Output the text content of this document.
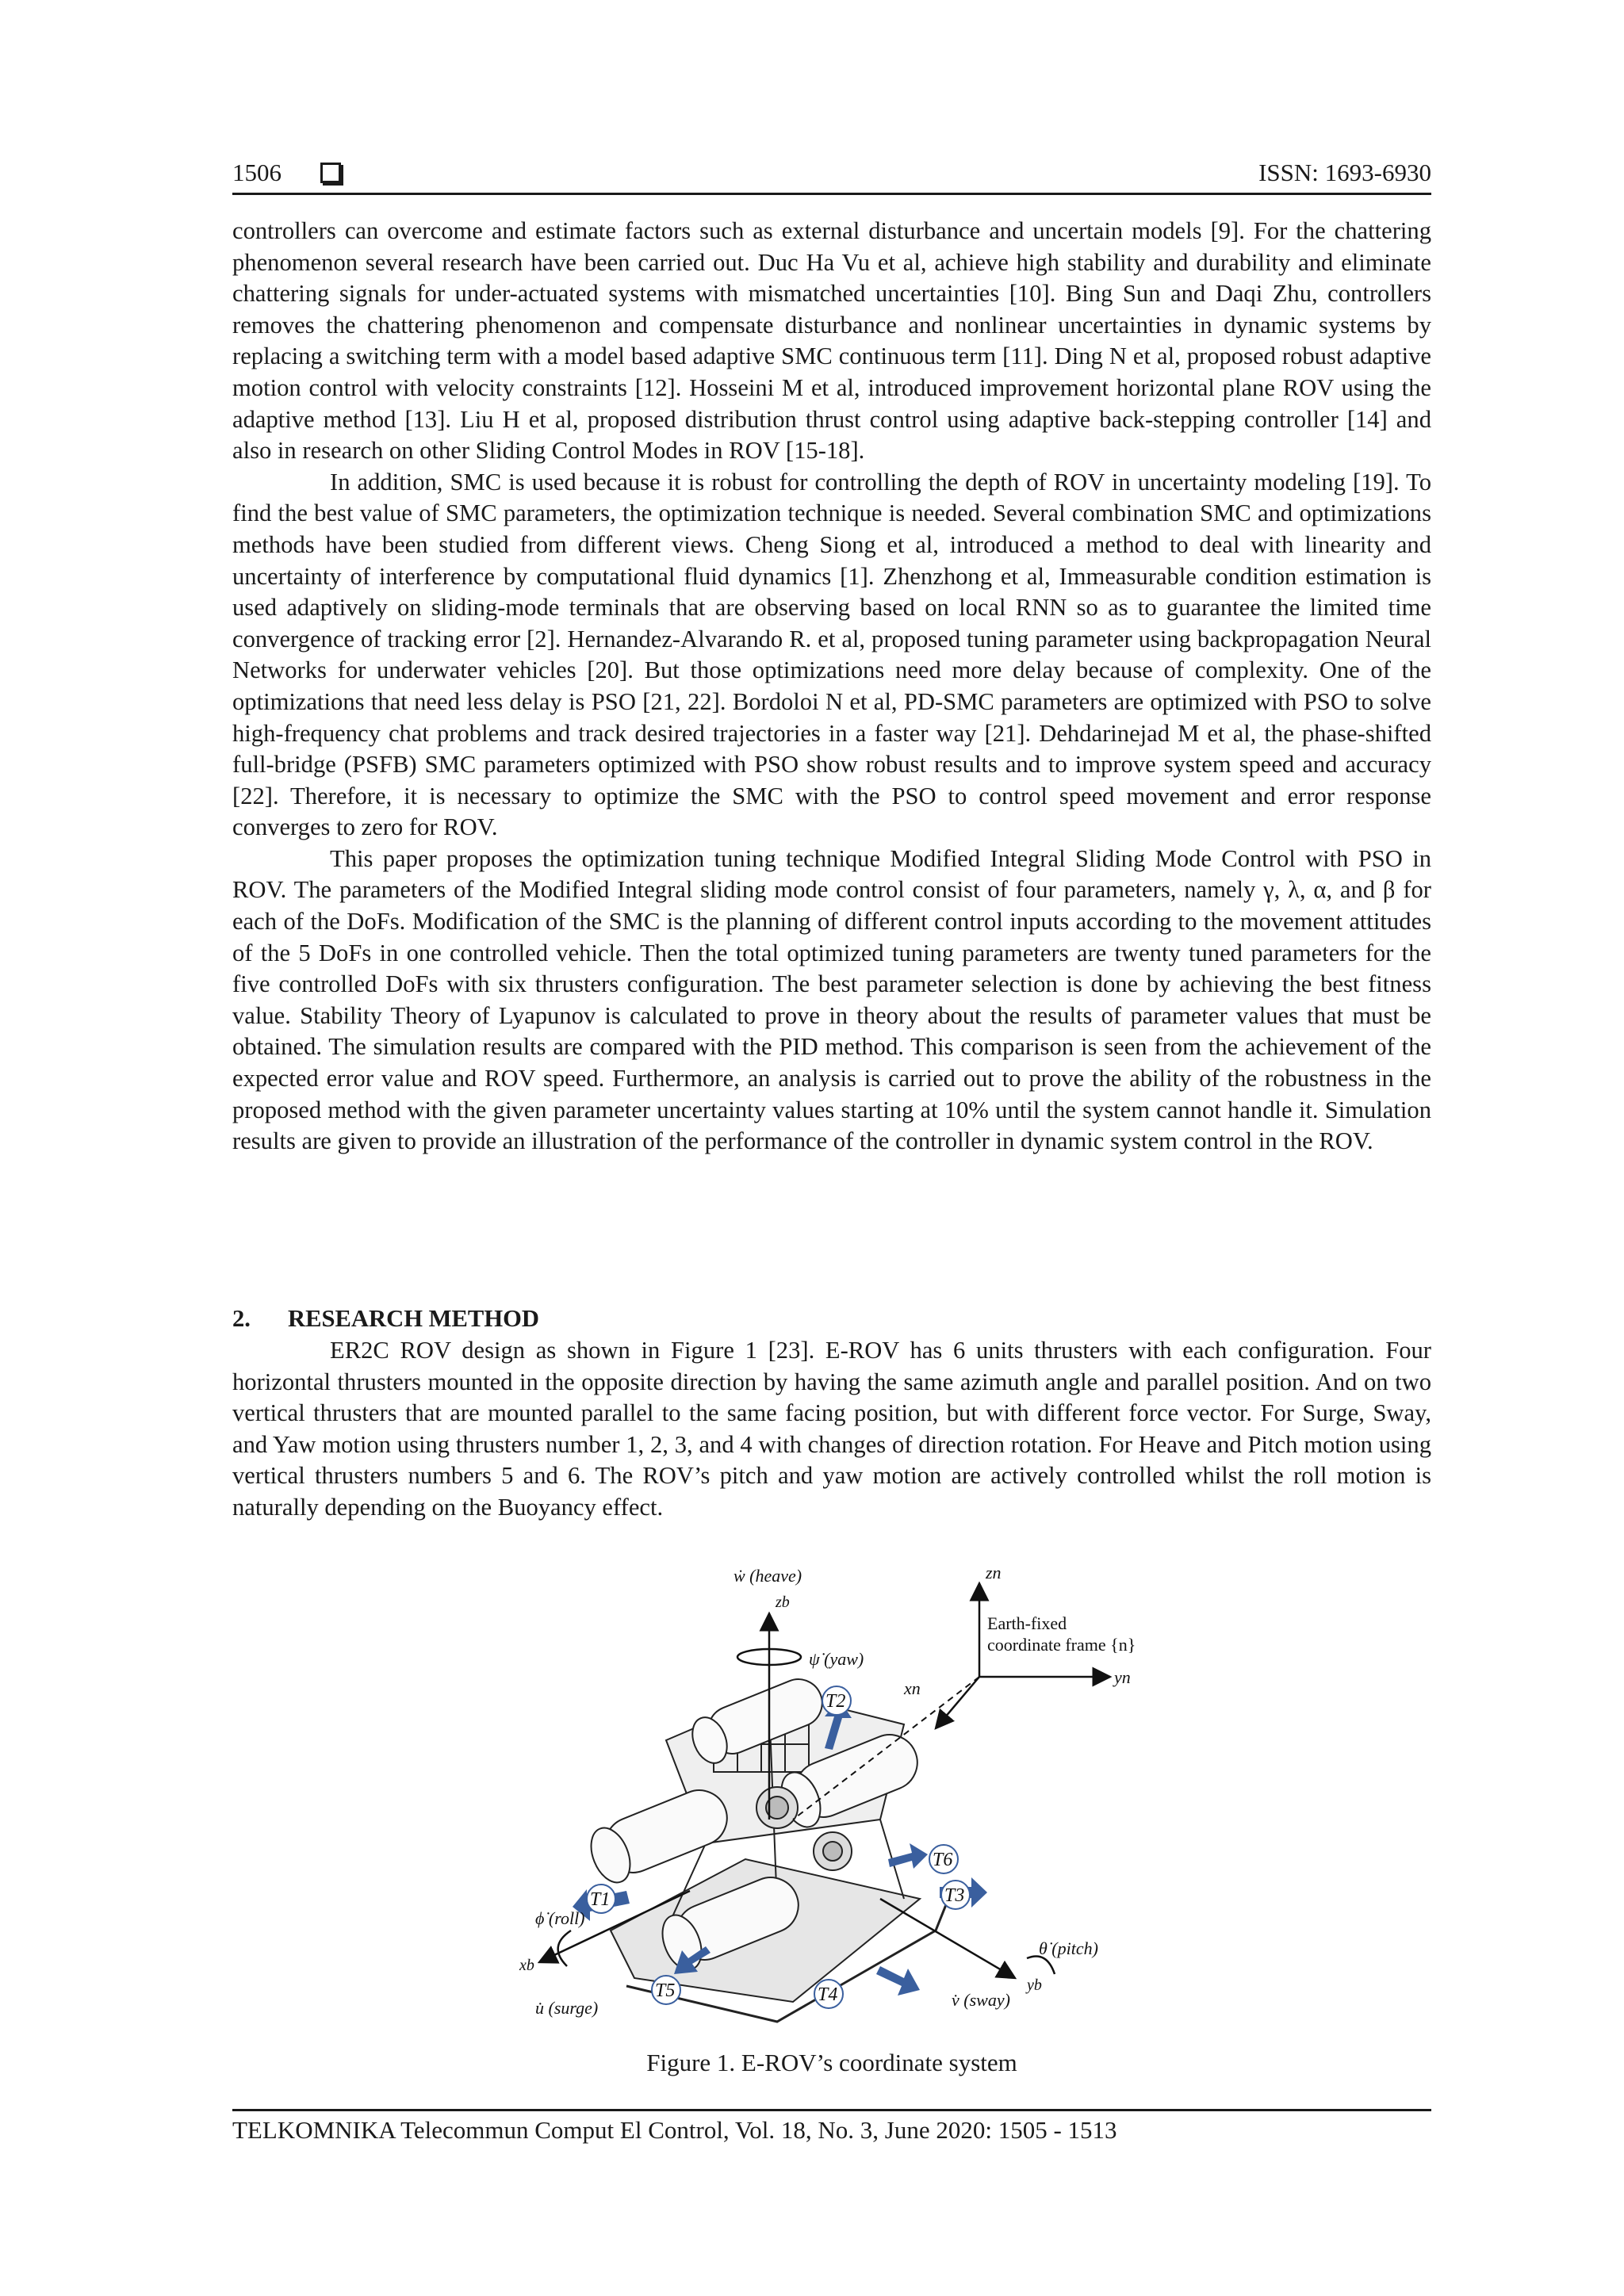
1506	ISSN: 1693-6930

controllers can overcome and estimate factors such as external disturbance and uncertain models [9]. For the chattering phenomenon several research have been carried out. Duc Ha Vu et al, achieve high stability and durability and eliminate chattering signals for under-actuated systems with mismatched uncertainties [10]. Bing Sun and Daqi Zhu, controllers removes the chattering phenomenon and compensate disturbance and nonlinear uncertainties in dynamic systems by replacing a switching term with a model based adaptive SMC continuous term [11]. Ding N et al, proposed robust adaptive motion control with velocity constraints [12]. Hosseini M et al, introduced improvement horizontal plane ROV using the adaptive method [13]. Liu H et al, proposed distribution thrust control using adaptive back-stepping controller [14] and also in research on other Sliding Control Modes in ROV [15-18].

In addition, SMC is used because it is robust for controlling the depth of ROV in uncertainty modeling [19]. To find the best value of SMC parameters, the optimization technique is needed. Several combination SMC and optimizations methods have been studied from different views. Cheng Siong et al, introduced a method to deal with linearity and uncertainty of interference by computational fluid dynamics [1]. Zhenzhong et al, Immeasurable condition estimation is used adaptively on sliding-mode terminals that are observing based on local RNN so as to guarantee the limited time convergence of tracking error [2]. Hernandez-Alvarando R. et al, proposed tuning parameter using backpropagation Neural Networks for underwater vehicles [20]. But those optimizations need more delay because of complexity. One of the optimizations that need less delay is PSO [21, 22]. Bordoloi N et al, PD-SMC parameters are optimized with PSO to solve high-frequency chat problems and track desired trajectories in a faster way [21]. Dehdarinejad M et al, the phase-shifted full-bridge (PSFB) SMC parameters optimized with PSO show robust results and to improve system speed and accuracy [22]. Therefore, it is necessary to optimize the SMC with the PSO to control speed movement and error response converges to zero for ROV.

This paper proposes the optimization tuning technique Modified Integral Sliding Mode Control with PSO in ROV. The parameters of the Modified Integral sliding mode control consist of four parameters, namely γ, λ, α, and β for each of the DoFs. Modification of the SMC is the planning of different control inputs according to the movement attitudes of the 5 DoFs in one controlled vehicle. Then the total optimized tuning parameters are twenty tuned parameters for the five controlled DoFs with six thrusters configuration. The best parameter selection is done by achieving the best fitness value. Stability Theory of Lyapunov is calculated to prove in theory about the results of parameter values that must be obtained. The simulation results are compared with the PID method. This comparison is seen from the achievement of the expected error value and ROV speed. Furthermore, an analysis is carried out to prove the ability of the robustness in the proposed method with the given parameter uncertainty values starting at 10% until the system cannot handle it. Simulation results are given to provide an illustration of the performance of the controller in dynamic system control in the ROV.

2. RESEARCH METHOD

ER2C ROV design as shown in Figure 1 [23]. E-ROV has 6 units thrusters with each configuration. Four horizontal thrusters mounted in the opposite direction by having the same azimuth angle and parallel position. And on two vertical thrusters that are mounted parallel to the same facing position, but with different force vector. For Surge, Sway, and Yaw motion using thrusters number 1, 2, 3, and 4 with changes of direction rotation. For Heave and Pitch motion using vertical thrusters numbers 5 and 6. The ROV’s pitch and yaw motion are actively controlled whilst the roll motion is naturally depending on the Buoyancy effect.

T1
T2
T3
T4
T5
T6
ẇ (heave)
zb
ψ̇ (yaw)
zn
Earth-fixed
coordinate frame {n}
yn
xn
ϕ̇ (roll)
xb
u̇ (surge)
θ̇ (pitch)
yb
v̇ (sway)
Figure 1. E-ROV’s coordinate system
TELKOMNIKA Telecommun Comput El Control, Vol. 18, No. 3, June 2020: 1505 - 1513
